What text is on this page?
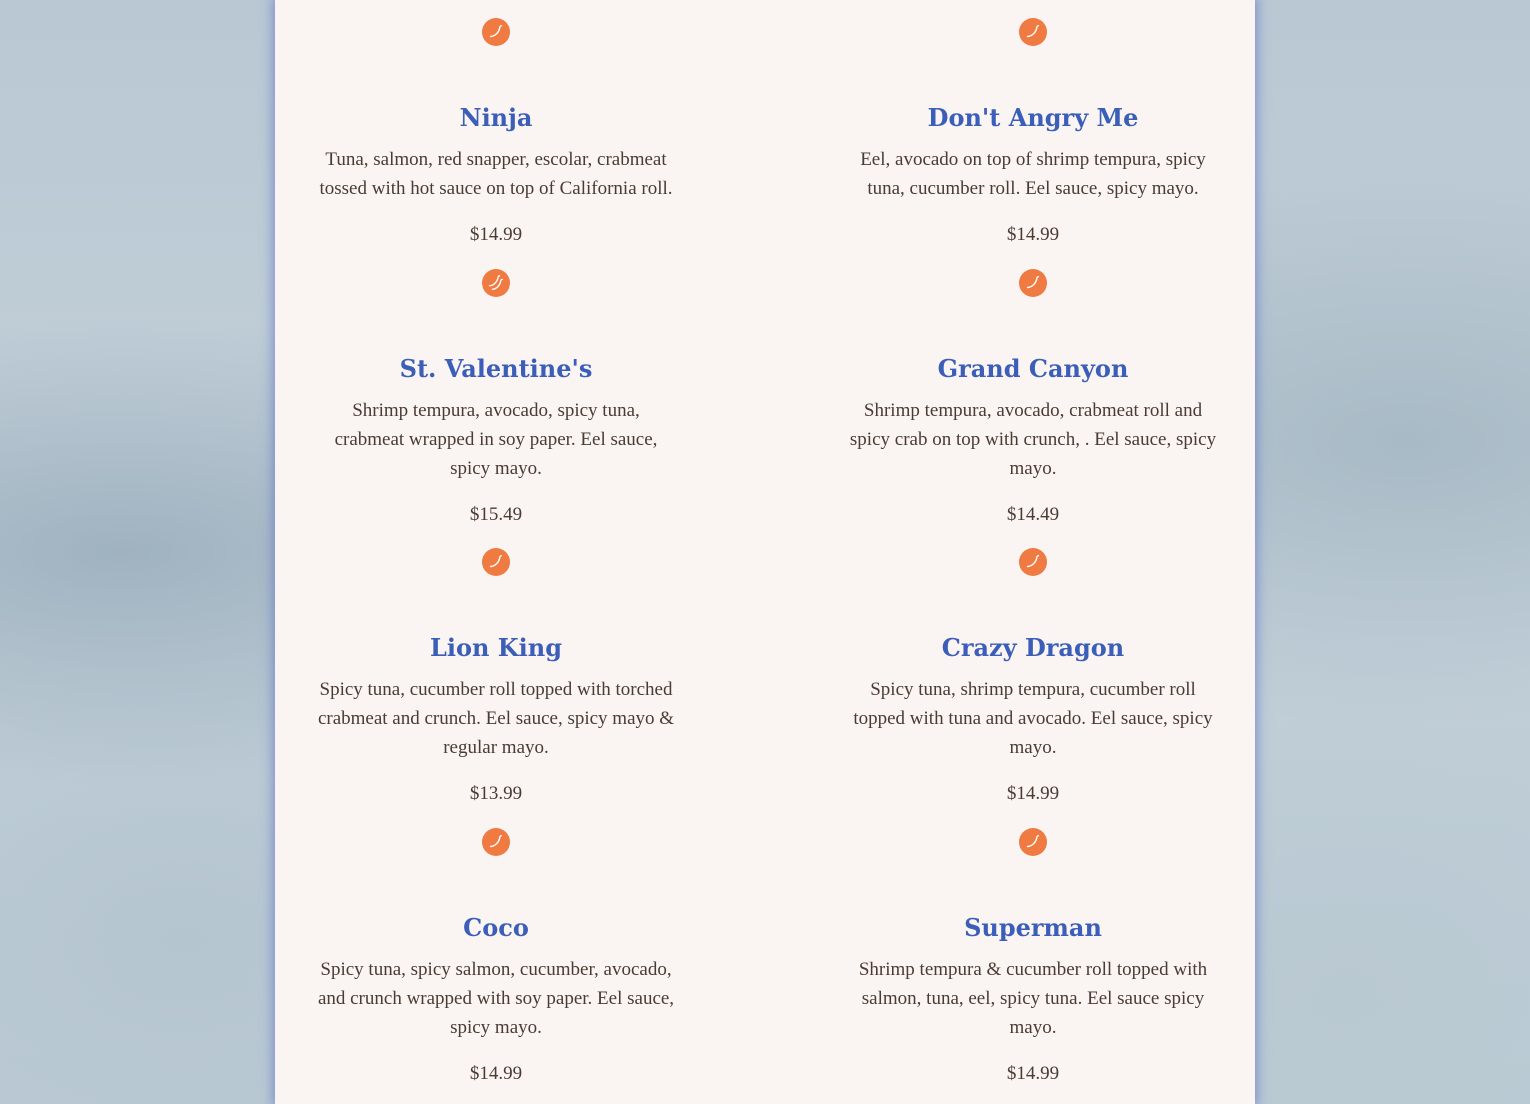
Ninja
Tuna, salmon, red snapper, escolar, crabmeat tossed with hot sauce on top of California roll.
$14.99
Don't Angry Me
Eel, avocado on top of shrimp tempura, spicy tuna, cucumber roll. Eel sauce, spicy mayo.
$14.99
St. Valentine's
Shrimp tempura, avocado, spicy tuna, crabmeat wrapped in soy paper. Eel sauce, spicy mayo.
$15.49
Grand Canyon
Shrimp tempura, avocado, crabmeat roll and spicy crab on top with crunch, . Eel sauce, spicy mayo.
$14.49
Lion King
Spicy tuna, cucumber roll topped with torched crabmeat and crunch. Eel sauce, spicy mayo & regular mayo.
$13.99
Crazy Dragon
Spicy tuna, shrimp tempura, cucumber roll topped with tuna and avocado. Eel sauce, spicy mayo.
$14.99
Coco
Spicy tuna, spicy salmon, cucumber, avocado, and crunch wrapped with soy paper. Eel sauce, spicy mayo.
$14.99
Superman
Shrimp tempura & cucumber roll topped with salmon, tuna, eel, spicy tuna. Eel sauce spicy mayo.
$14.99
